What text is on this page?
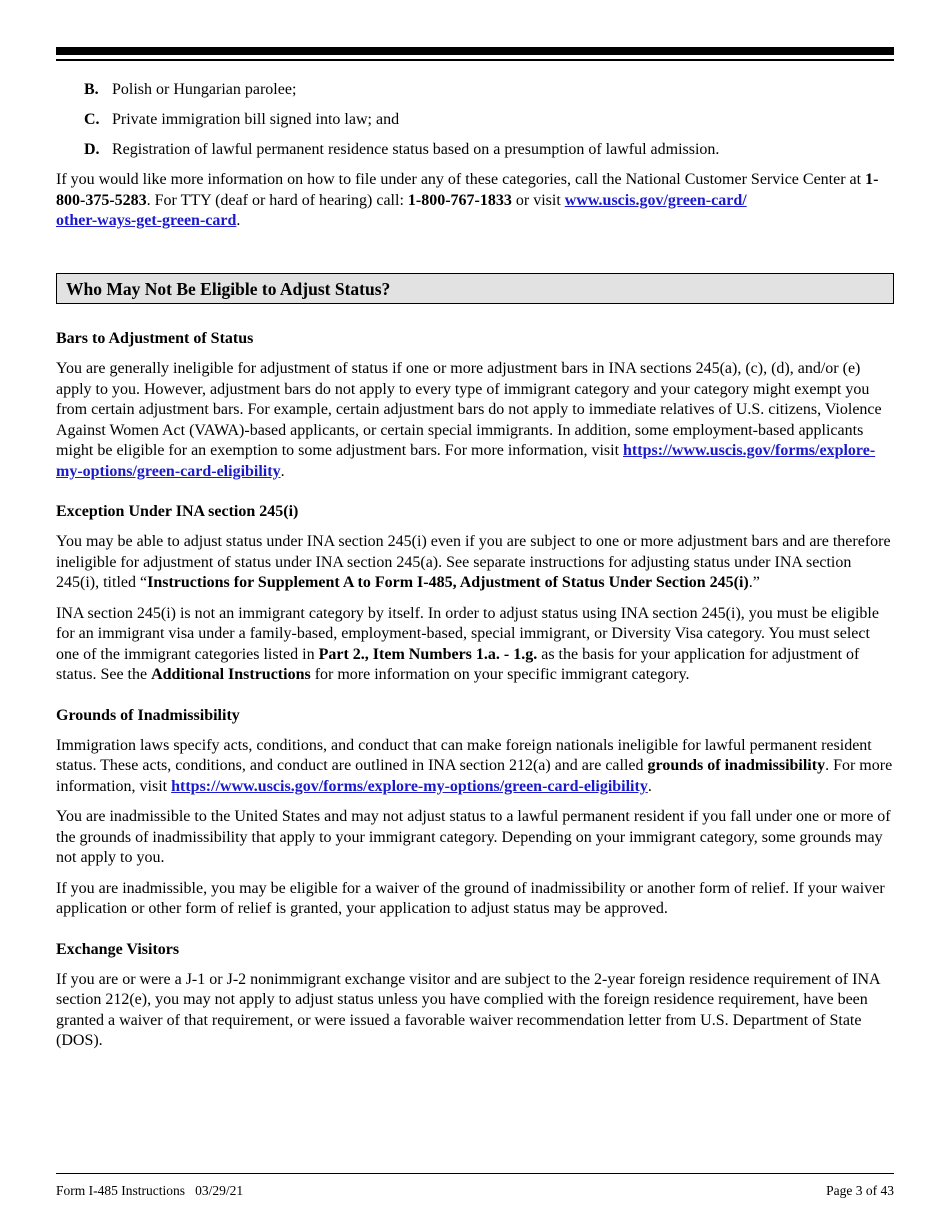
B. Polish or Hungarian parolee;
C. Private immigration bill signed into law; and
D. Registration of lawful permanent residence status based on a presumption of lawful admission.

If you would like more information on how to file under any of these categories, call the National Customer Service Center at 1-800-375-5283. For TTY (deaf or hard of hearing) call: 1-800-767-1833 or visit www.uscis.gov/green-card/
other-ways-get-green-card.

Who May Not Be Eligible to Adjust Status?
Bars to Adjustment of Status

You are generally ineligible for adjustment of status if one or more adjustment bars in INA sections 245(a), (c), (d), and/or (e) apply to you. However, adjustment bars do not apply to every type of immigrant category and your category might exempt you from certain adjustment bars. For example, certain adjustment bars do not apply to immediate relatives of U.S. citizens, Violence Against Women Act (VAWA)-based applicants, or certain special immigrants. In addition, some employment-based applicants might be eligible for an exemption to some adjustment bars. For more information, visit https://www.uscis.gov/forms/explore-my-options/green-card-eligibility.

Exception Under INA section 245(i)

You may be able to adjust status under INA section 245(i) even if you are subject to one or more adjustment bars and are therefore ineligible for adjustment of status under INA section 245(a). See separate instructions for adjusting status under INA section 245(i), titled “Instructions for Supplement A to Form I-485, Adjustment of Status Under Section 245(i).”

INA section 245(i) is not an immigrant category by itself. In order to adjust status using INA section 245(i), you must be eligible for an immigrant visa under a family-based, employment-based, special immigrant, or Diversity Visa category. You must select one of the immigrant categories listed in Part 2., Item Numbers 1.a. - 1.g. as the basis for your application for adjustment of status. See the Additional Instructions for more information on your specific immigrant category.

Grounds of Inadmissibility

Immigration laws specify acts, conditions, and conduct that can make foreign nationals ineligible for lawful permanent resident status. These acts, conditions, and conduct are outlined in INA section 212(a) and are called grounds of inadmissibility. For more information, visit https://www.uscis.gov/forms/explore-my-options/green-card-eligibility.

You are inadmissible to the United States and may not adjust status to a lawful permanent resident if you fall under one or more of the grounds of inadmissibility that apply to your immigrant category. Depending on your immigrant category, some grounds may not apply to you.

If you are inadmissible, you may be eligible for a waiver of the ground of inadmissibility or another form of relief. If your waiver application or other form of relief is granted, your application to adjust status may be approved.

Exchange Visitors

If you are or were a J-1 or J-2 nonimmigrant exchange visitor and are subject to the 2-year foreign residence requirement of INA section 212(e), you may not apply to adjust status unless you have complied with the foreign residence requirement, have been granted a waiver of that requirement, or were issued a favorable waiver recommendation letter from U.S. Department of State (DOS).

Form I-485 Instructions   03/29/21	Page 3 of 43
